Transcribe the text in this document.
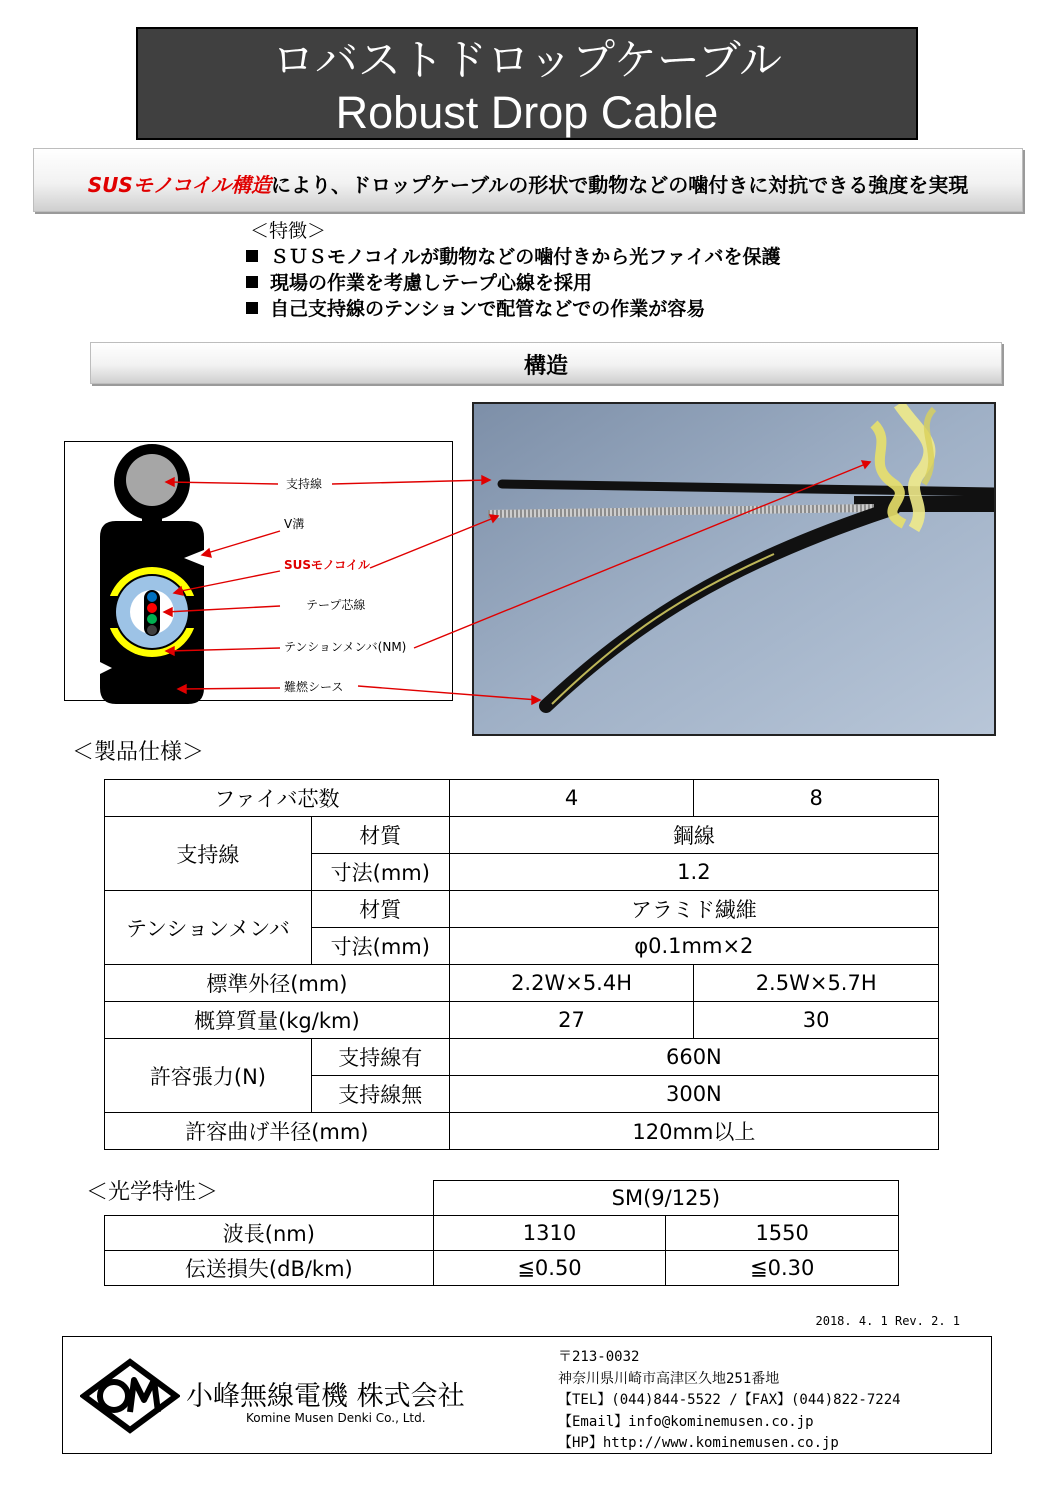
ロバストドロップケーブル
Robust Drop Cable
SUSモノコイル構造により、ドロップケーブルの形状で動物などの噛付きに対抗できる強度を実現
＜特徴＞
ＳＵＳモノコイルが動物などの噛付きから光ファイバを保護
現場の作業を考慮しテープ心線を採用
自己支持線のテンションで配管などでの作業が容易
構造
支持線
V溝
SUSモノコイル
テープ芯線
テンションメンバ(NM)
難燃シース
＜製品仕様＞
ファイバ芯数		4	8
支持線	材質	鋼線	
	寸法(mm)	1.2	
テンションメンバ	材質	アラミド繊維	
	寸法(mm)	φ0.1mm×2	
標準外径(mm)		2.2W×5.4H	2.5W×5.7H
概算質量(kg/km)		27	30
許容張力(N)	支持線有	660N	
	支持線無	300N	
許容曲げ半径(mm)		120mm以上	
＜光学特性＞
		SM(9/125)	
波長(nm)	1310	1550
伝送損失(dB/km)	≦0.50	≦0.30
2018. 4. 1 Rev. 2. 1
小峰無線電機 株式会社
Komine Musen Denki Co., Ltd.
〒213-0032
神奈川県川崎市高津区久地251番地
【TEL】(044)844-5522 /【FAX】(044)822-7224
【Email】info@kominemusen.co.jp
【HP】http://www.kominemusen.co.jp
